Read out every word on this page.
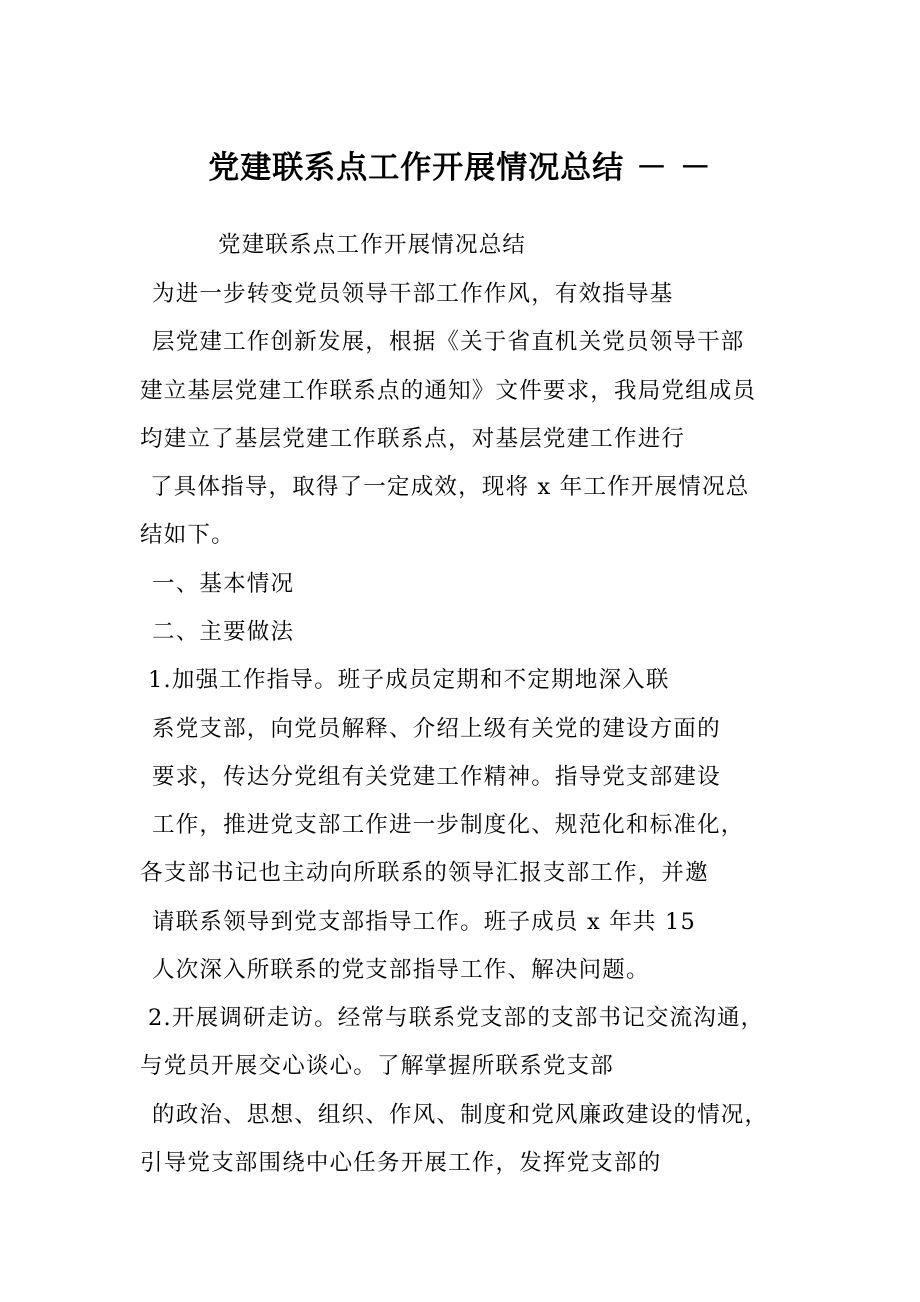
党建联系点工作开展情况总结 － －
党建联系点工作开展情况总结
为进一步转变党员领导干部工作作风，有效指导基
层党建工作创新发展，根据《关于省直机关党员领导干部
建立基层党建工作联系点的通知》文件要求，我局党组成员
均建立了基层党建工作联系点，对基层党建工作进行
了具体指导，取得了一定成效，现将 x 年工作开展情况总
结如下。
一、基本情况
二、主要做法
1.加强工作指导。班子成员定期和不定期地深入联
系党支部，向党员解释、介绍上级有关党的建设方面的
要求，传达分党组有关党建工作精神。指导党支部建设
工作，推进党支部工作进一步制度化、规范化和标准化，
各支部书记也主动向所联系的领导汇报支部工作，并邀
请联系领导到党支部指导工作。班子成员 x 年共 15
人次深入所联系的党支部指导工作、解决问题。
2.开展调研走访。经常与联系党支部的支部书记交流沟通，
与党员开展交心谈心。了解掌握所联系党支部
的政治、思想、组织、作风、制度和党风廉政建设的情况，
引导党支部围绕中心任务开展工作，发挥党支部的
